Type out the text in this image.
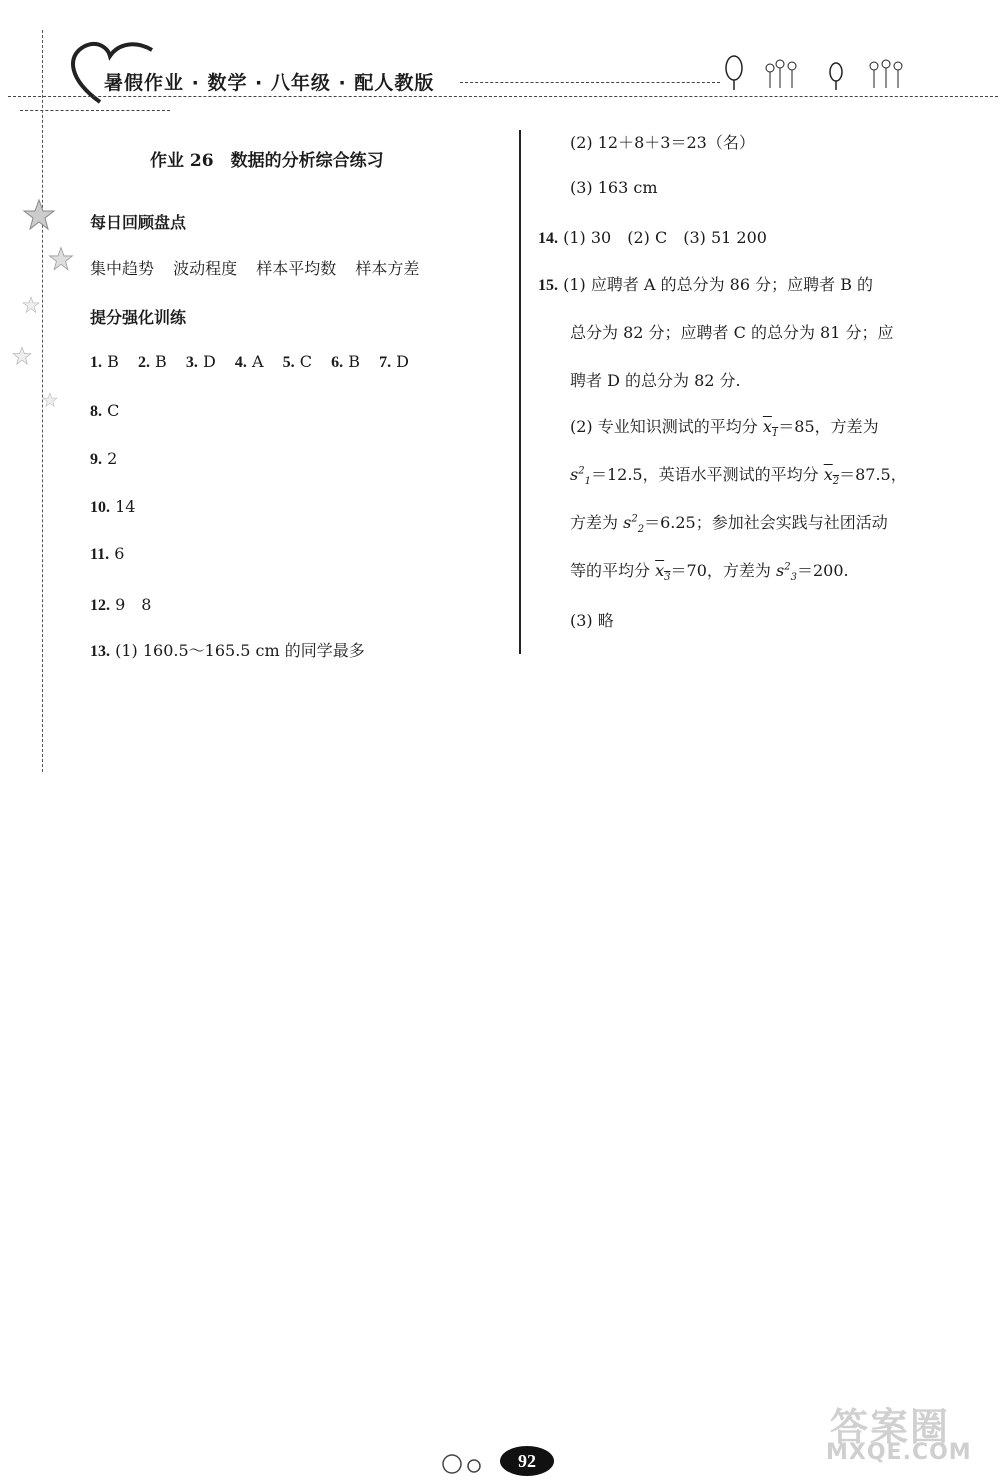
暑假作业 · 数学 · 八年级 · 配人教版
作业 26　数据的分析综合练习
每日回顾盘点
集中趋势 波动程度 样本平均数 样本方差
提分强化训练
1. B 2. B 3. D 4. A 5. C 6. B 7. D
8. C
9. 2
10. 14
11. 6
12. 9　8
13. (1) 160.5～165.5 cm 的同学最多
(2) 12＋8＋3＝23（名）
(3) 163 cm
14. (1) 30　(2) C　(3) 51 200
15. (1) 应聘者 A 的总分为 86 分；应聘者 B 的
总分为 82 分；应聘者 C 的总分为 81 分；应
聘者 D 的总分为 82 分.
(2) 专业知识测试的平均分 $x_1=85$，方差为
$s^2_1=12.5$，英语水平测试的平均分 $x_2=87.5$，
方差为 $s^2_2=6.25$；参加社会实践与社团活动
等的平均分 $x_3=70$，方差为 $s^2_3=200$.
(3) 略
92
答案圈
MXQE.COM
